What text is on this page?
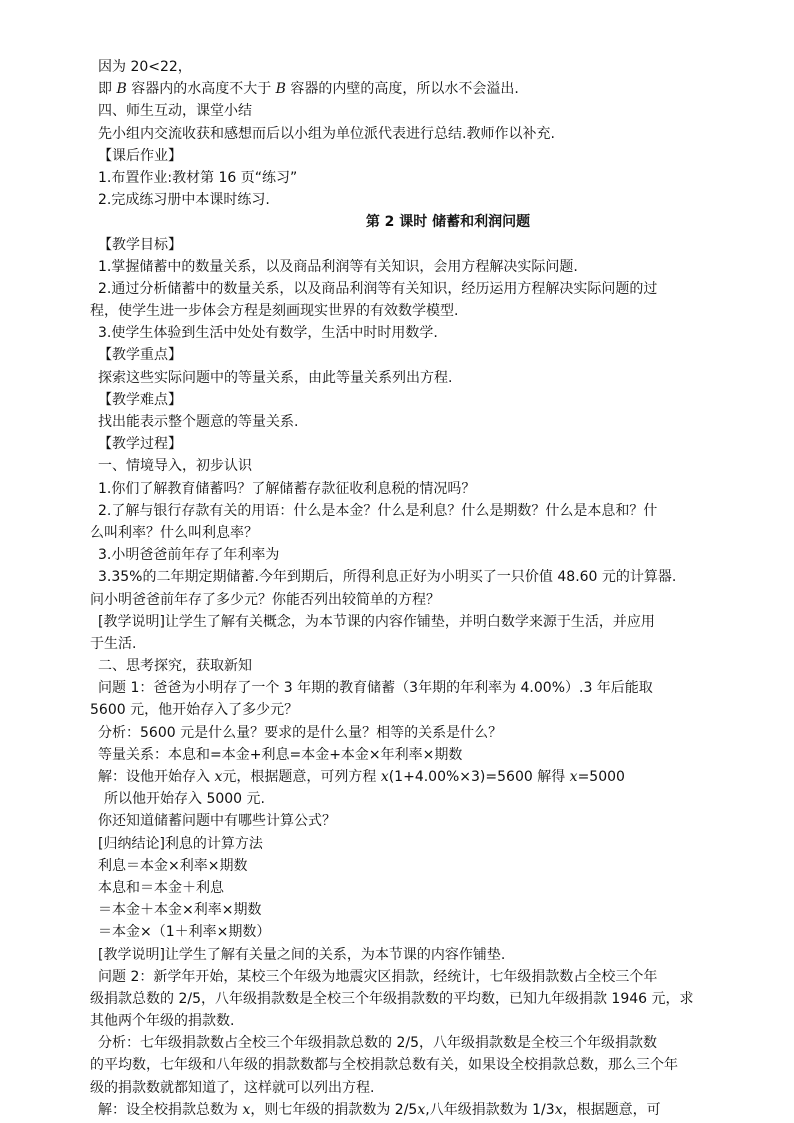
因为 20<22，
即 B 容器内的水高度不大于 B 容器的内壁的高度，所以水不会溢出.
四、师生互动，课堂小结
先小组内交流收获和感想而后以小组为单位派代表进行总结.教师作以补充.
【课后作业】
1.布置作业:教材第 16 页“练习”
2.完成练习册中本课时练习.
第 2 课时 储蓄和利润问题
【教学目标】
1.掌握储蓄中的数量关系，以及商品利润等有关知识，会用方程解决实际问题.
2.通过分析储蓄中的数量关系，以及商品利润等有关知识，经历运用方程解决实际问题的过
程，使学生进一步体会方程是刻画现实世界的有效数学模型.
3.使学生体验到生活中处处有数学，生活中时时用数学.
【教学重点】
探索这些实际问题中的等量关系，由此等量关系列出方程.
【教学难点】
找出能表示整个题意的等量关系.
【教学过程】
一、情境导入，初步认识
1.你们了解教育储蓄吗？了解储蓄存款征收利息税的情况吗？
2.了解与银行存款有关的用语：什么是本金？什么是利息？什么是期数？什么是本息和？什
么叫利率？什么叫利息率？
3.小明爸爸前年存了年利率为
3.35%的二年期定期储蓄.今年到期后，所得利息正好为小明买了一只价值 48.60 元的计算器.
问小明爸爸前年存了多少元？你能否列出较简单的方程？
[教学说明]让学生了解有关概念，为本节课的内容作铺垫，并明白数学来源于生活，并应用
于生活.
二、思考探究，获取新知
问题 1：爸爸为小明存了一个 3 年期的教育储蓄（3年期的年利率为 4.00%）.3 年后能取
5600 元，他开始存入了多少元？
分析：5600 元是什么量？要求的是什么量？相等的关系是什么？
等量关系：本息和=本金+利息=本金+本金×年利率×期数
解：设他开始存入 x元，根据题意，可列方程 x(1+4.00%×3)=5600 解得 x=5000
所以他开始存入 5000 元.
你还知道储蓄问题中有哪些计算公式？
[归纳结论]利息的计算方法
利息＝本金×利率×期数
本息和＝本金＋利息
＝本金＋本金×利率×期数
＝本金×（1＋利率×期数）
[教学说明]让学生了解有关量之间的关系，为本节课的内容作铺垫.
问题 2：新学年开始，某校三个年级为地震灾区捐款，经统计，七年级捐款数占全校三个年
级捐款总数的 2/5，八年级捐款数是全校三个年级捐款数的平均数，已知九年级捐款 1946 元，求
其他两个年级的捐款数.
分析：七年级捐款数占全校三个年级捐款总数的 2/5，八年级捐款数是全校三个年级捐款数
的平均数，七年级和八年级的捐款数都与全校捐款总数有关，如果设全校捐款总数，那么三个年
级的捐款数就都知道了，这样就可以列出方程.
解：设全校捐款总数为 x，则七年级的捐款数为 2/5x,八年级捐款数为 1/3x，根据题意，可
